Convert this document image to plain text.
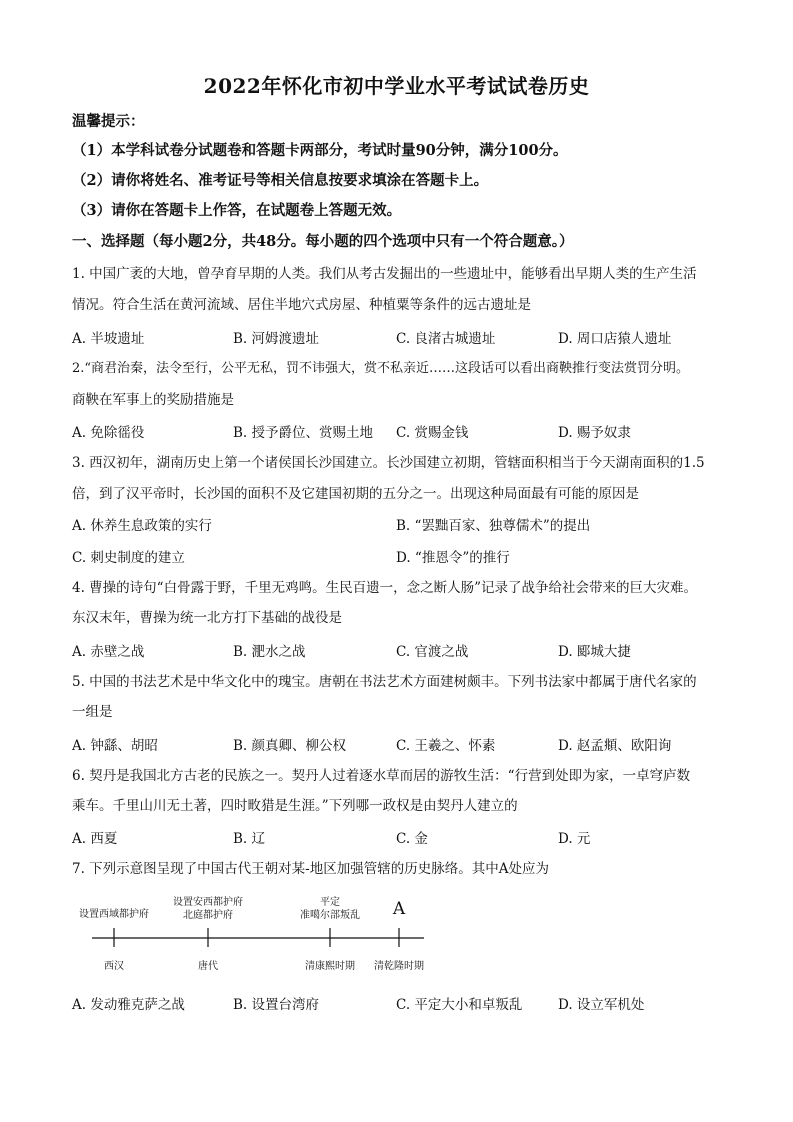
2022年怀化市初中学业水平考试试卷历史
温馨提示：
（1）本学科试卷分试题卷和答题卡两部分，考试时量90分钟，满分100分。
（2）请你将姓名、准考证号等相关信息按要求填涂在答题卡上。
（3）请你在答题卡上作答，在试题卷上答题无效。
一、选择题（每小题2分，共48分。每小题的四个选项中只有一个符合题意。）
1. 中国广袤的大地，曾孕育早期的人类。我们从考古发掘出的一些遗址中，能够看出早期人类的生产生活
情况。符合生活在黄河流域、居住半地穴式房屋、种植粟等条件的远古遗址是
A. 半坡遗址	B. 河姆渡遗址	C. 良渚古城遗址	D. 周口店猿人遗址
2.“商君治秦，法令至行，公平无私，罚不讳强大，赏不私亲近……这段话可以看出商鞅推行变法赏罚分明。
商鞅在军事上的奖励措施是
A. 免除徭役	B. 授予爵位、赏赐土地 C. 赏赐金钱	D. 赐予奴隶
3. 西汉初年，湖南历史上第一个诸侯国长沙国建立。长沙国建立初期，管辖面积相当于今天湖南面积的1.5
倍，到了汉平帝时，长沙国的面积不及它建国初期的五分之一。出现这种局面最有可能的原因是
A. 休养生息政策的实行	B. “罢黜百家、独尊儒术”的提出
C. 刺史制度的建立	D. “推恩令”的推行
4. 曹操的诗句“白骨露于野，千里无鸡鸣。生民百遗一，念之断人肠”记录了战争给社会带来的巨大灾难。
东汉末年，曹操为统一北方打下基础的战役是
A. 赤壁之战	B. 淝水之战	C. 官渡之战	D. 郾城大捷
5. 中国的书法艺术是中华文化中的瑰宝。唐朝在书法艺术方面建树颇丰。下列书法家中都属于唐代名家的
一组是
A. 钟繇、胡昭	B. 颜真卿、柳公权	C. 王羲之、怀素	D. 赵孟頫、欧阳询
6. 契丹是我国北方古老的民族之一。契丹人过着逐水草而居的游牧生活：“行营到处即为家，一卓穹庐数
乘车。千里山川无土著，四时畋猎是生涯。”下列哪一政权是由契丹人建立的
A. 西夏	B. 辽	C. 金	D. 元
7. 下列示意图呈现了中国古代王朝对某-地区加强管辖的历史脉络。其中A处应为
设置西域都护府
西汉
设置安西都护府
北庭都护府
唐代
平定
准噶尔部叛乱
清康熙时期
A
清乾隆时期
A. 发动雅克萨之战	B. 设置台湾府	C. 平定大小和卓叛乱	D. 设立军机处
